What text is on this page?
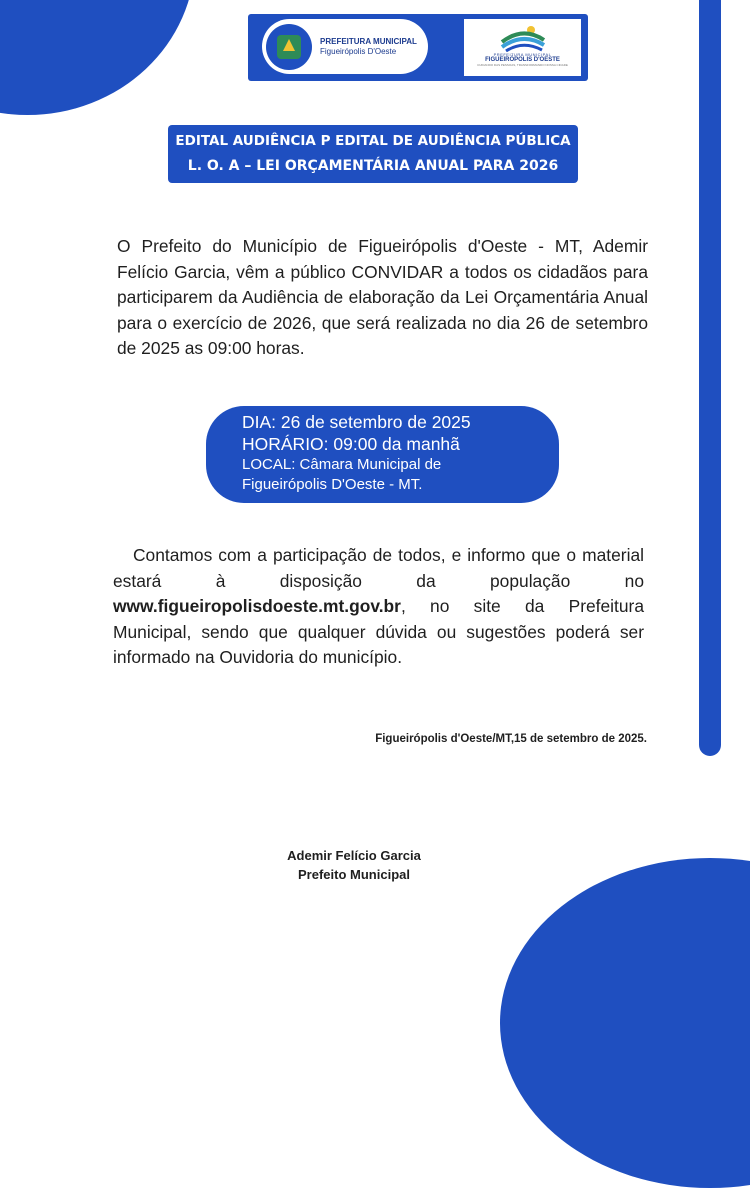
PREFEITURA MUNICIPAL
Figueirópolis D'Oeste	PREFEITURA MUNICIPAL
FIGUEIRÓPOLIS D'OESTE
CUIDANDO DAS PESSOAS, TRANSFORMANDO NOSSA CIDADE
EDITAL AUDIÊNCIA P EDITAL DE AUDIÊNCIA PÚBLICA
L. O. A – LEI ORÇAMENTÁRIA ANUAL PARA 2026

O Prefeito do Município de Figueirópolis d'Oeste - MT, Ademir Felício Garcia, vêm a público CONVIDAR a todos os cidadãos para participarem da Audiência de elaboração da Lei Orçamentária Anual para o exercício de 2026, que será realizada no dia 26 de setembro de 2025 as 09:00 horas.

DIA: 26 de setembro de 2025
HORÁRIO: 09:00 da manhã
LOCAL: Câmara Municipal de
Figueirópolis D'Oeste - MT.

Contamos com a participação de todos, e informo que o material estará à disposição da população no www.figueiropolisdoeste.mt.gov.br, no site da Prefeitura Municipal, sendo que qualquer dúvida ou sugestões poderá ser informado na Ouvidoria do município.

Figueirópolis d'Oeste/MT,15 de setembro de 2025.

Ademir Felício Garcia
Prefeito Municipal
